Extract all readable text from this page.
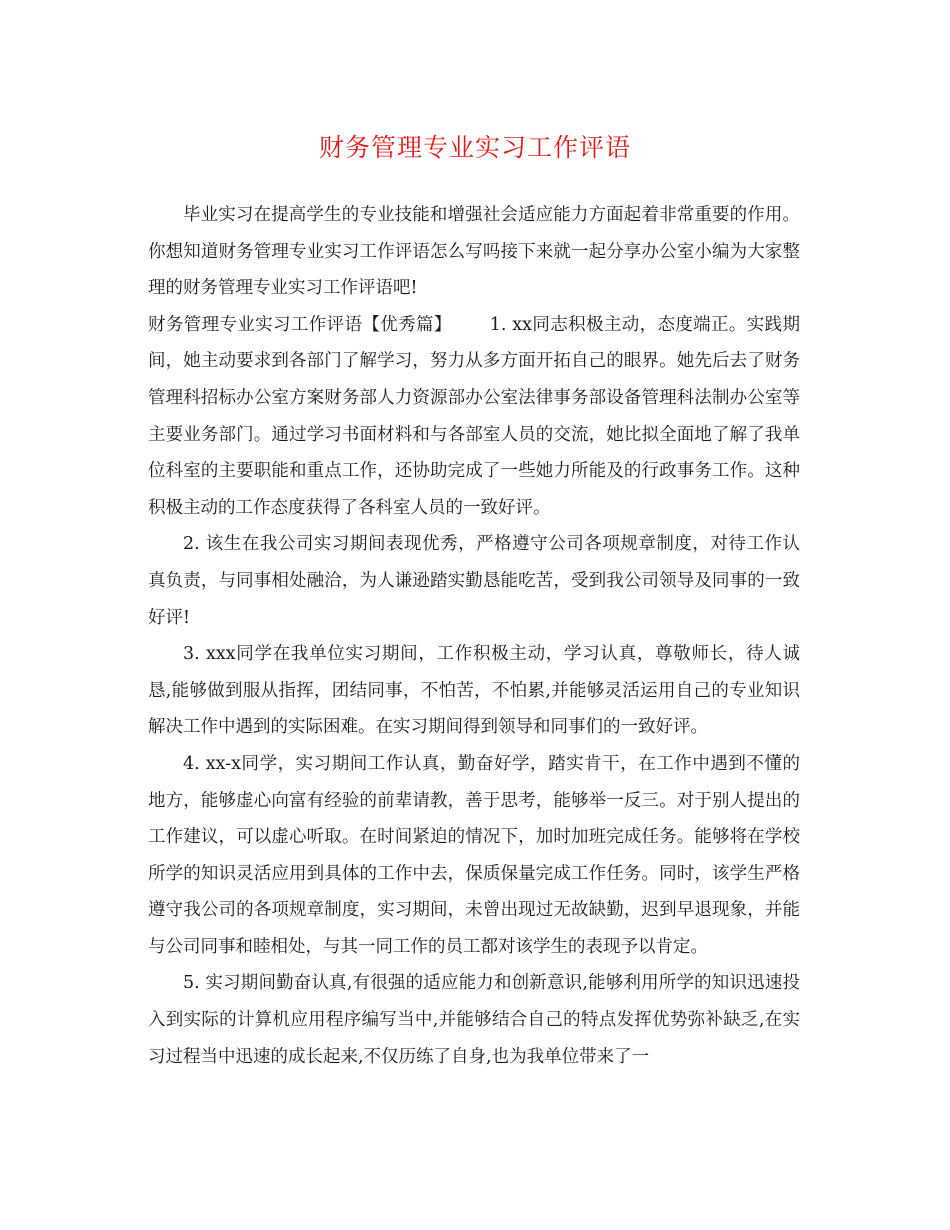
财务管理专业实习工作评语

毕业实习在提高学生的专业技能和增强社会适应能力方面起着非常重要的作用。你想知道财务管理专业实习工作评语怎么写吗接下来就一起分享办公室小编为大家整理的财务管理专业实习工作评语吧!

财务管理专业实习工作评语【优秀篇】 1. xx同志积极主动，态度端正。实践期间，她主动要求到各部门了解学习，努力从多方面开拓自己的眼界。她先后去了财务管理科招标办公室方案财务部人力资源部办公室法律事务部设备管理科法制办公室等主要业务部门。通过学习书面材料和与各部室人员的交流，她比拟全面地了解了我单位科室的主要职能和重点工作，还协助完成了一些她力所能及的行政事务工作。这种积极主动的工作态度获得了各科室人员的一致好评。

2. 该生在我公司实习期间表现优秀，严格遵守公司各项规章制度，对待工作认真负责，与同事相处融洽，为人谦逊踏实勤恳能吃苦，受到我公司领导及同事的一致好评!

3. xxx同学在我单位实习期间，工作积极主动，学习认真，尊敬师长，待人诚恳,能够做到服从指挥，团结同事，不怕苦，不怕累,并能够灵活运用自己的专业知识解决工作中遇到的实际困难。在实习期间得到领导和同事们的一致好评。

4. xx-x同学，实习期间工作认真，勤奋好学，踏实肯干，在工作中遇到不懂的地方，能够虚心向富有经验的前辈请教，善于思考，能够举一反三。对于别人提出的工作建议，可以虚心听取。在时间紧迫的情况下，加时加班完成任务。能够将在学校所学的知识灵活应用到具体的工作中去，保质保量完成工作任务。同时，该学生严格遵守我公司的各项规章制度，实习期间，未曾出现过无故缺勤，迟到早退现象，并能与公司同事和睦相处，与其一同工作的员工都对该学生的表现予以肯定。

5. 实习期间勤奋认真,有很强的适应能力和创新意识,能够利用所学的知识迅速投入到实际的计算机应用程序编写当中,并能够结合自己的特点发挥优势弥补缺乏,在实习过程当中迅速的成长起来,不仅历练了自身,也为我单位带来了一
